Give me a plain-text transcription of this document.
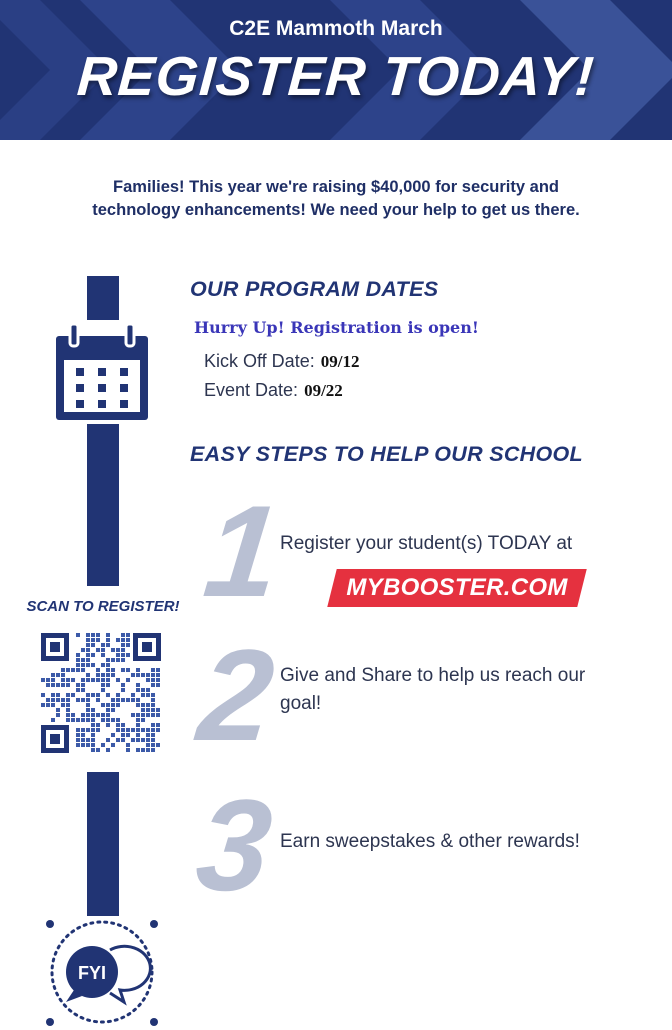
C2E Mammoth March
REGISTER TODAY!
Families! This year we're raising $40,000 for security and technology enhancements! We need your help to get us there.
SCAN TO REGISTER!
FYI
OUR PROGRAM DATES
Hurry Up! Registration is open!
Kick Off Date: 09/12
Event Date: 09/22
EASY STEPS TO HELP OUR SCHOOL
1
Register your student(s) TODAY at
MYBOOSTER.COM
2 Give and Share to help us reach our goal!
3 Earn sweepstakes & other rewards!
